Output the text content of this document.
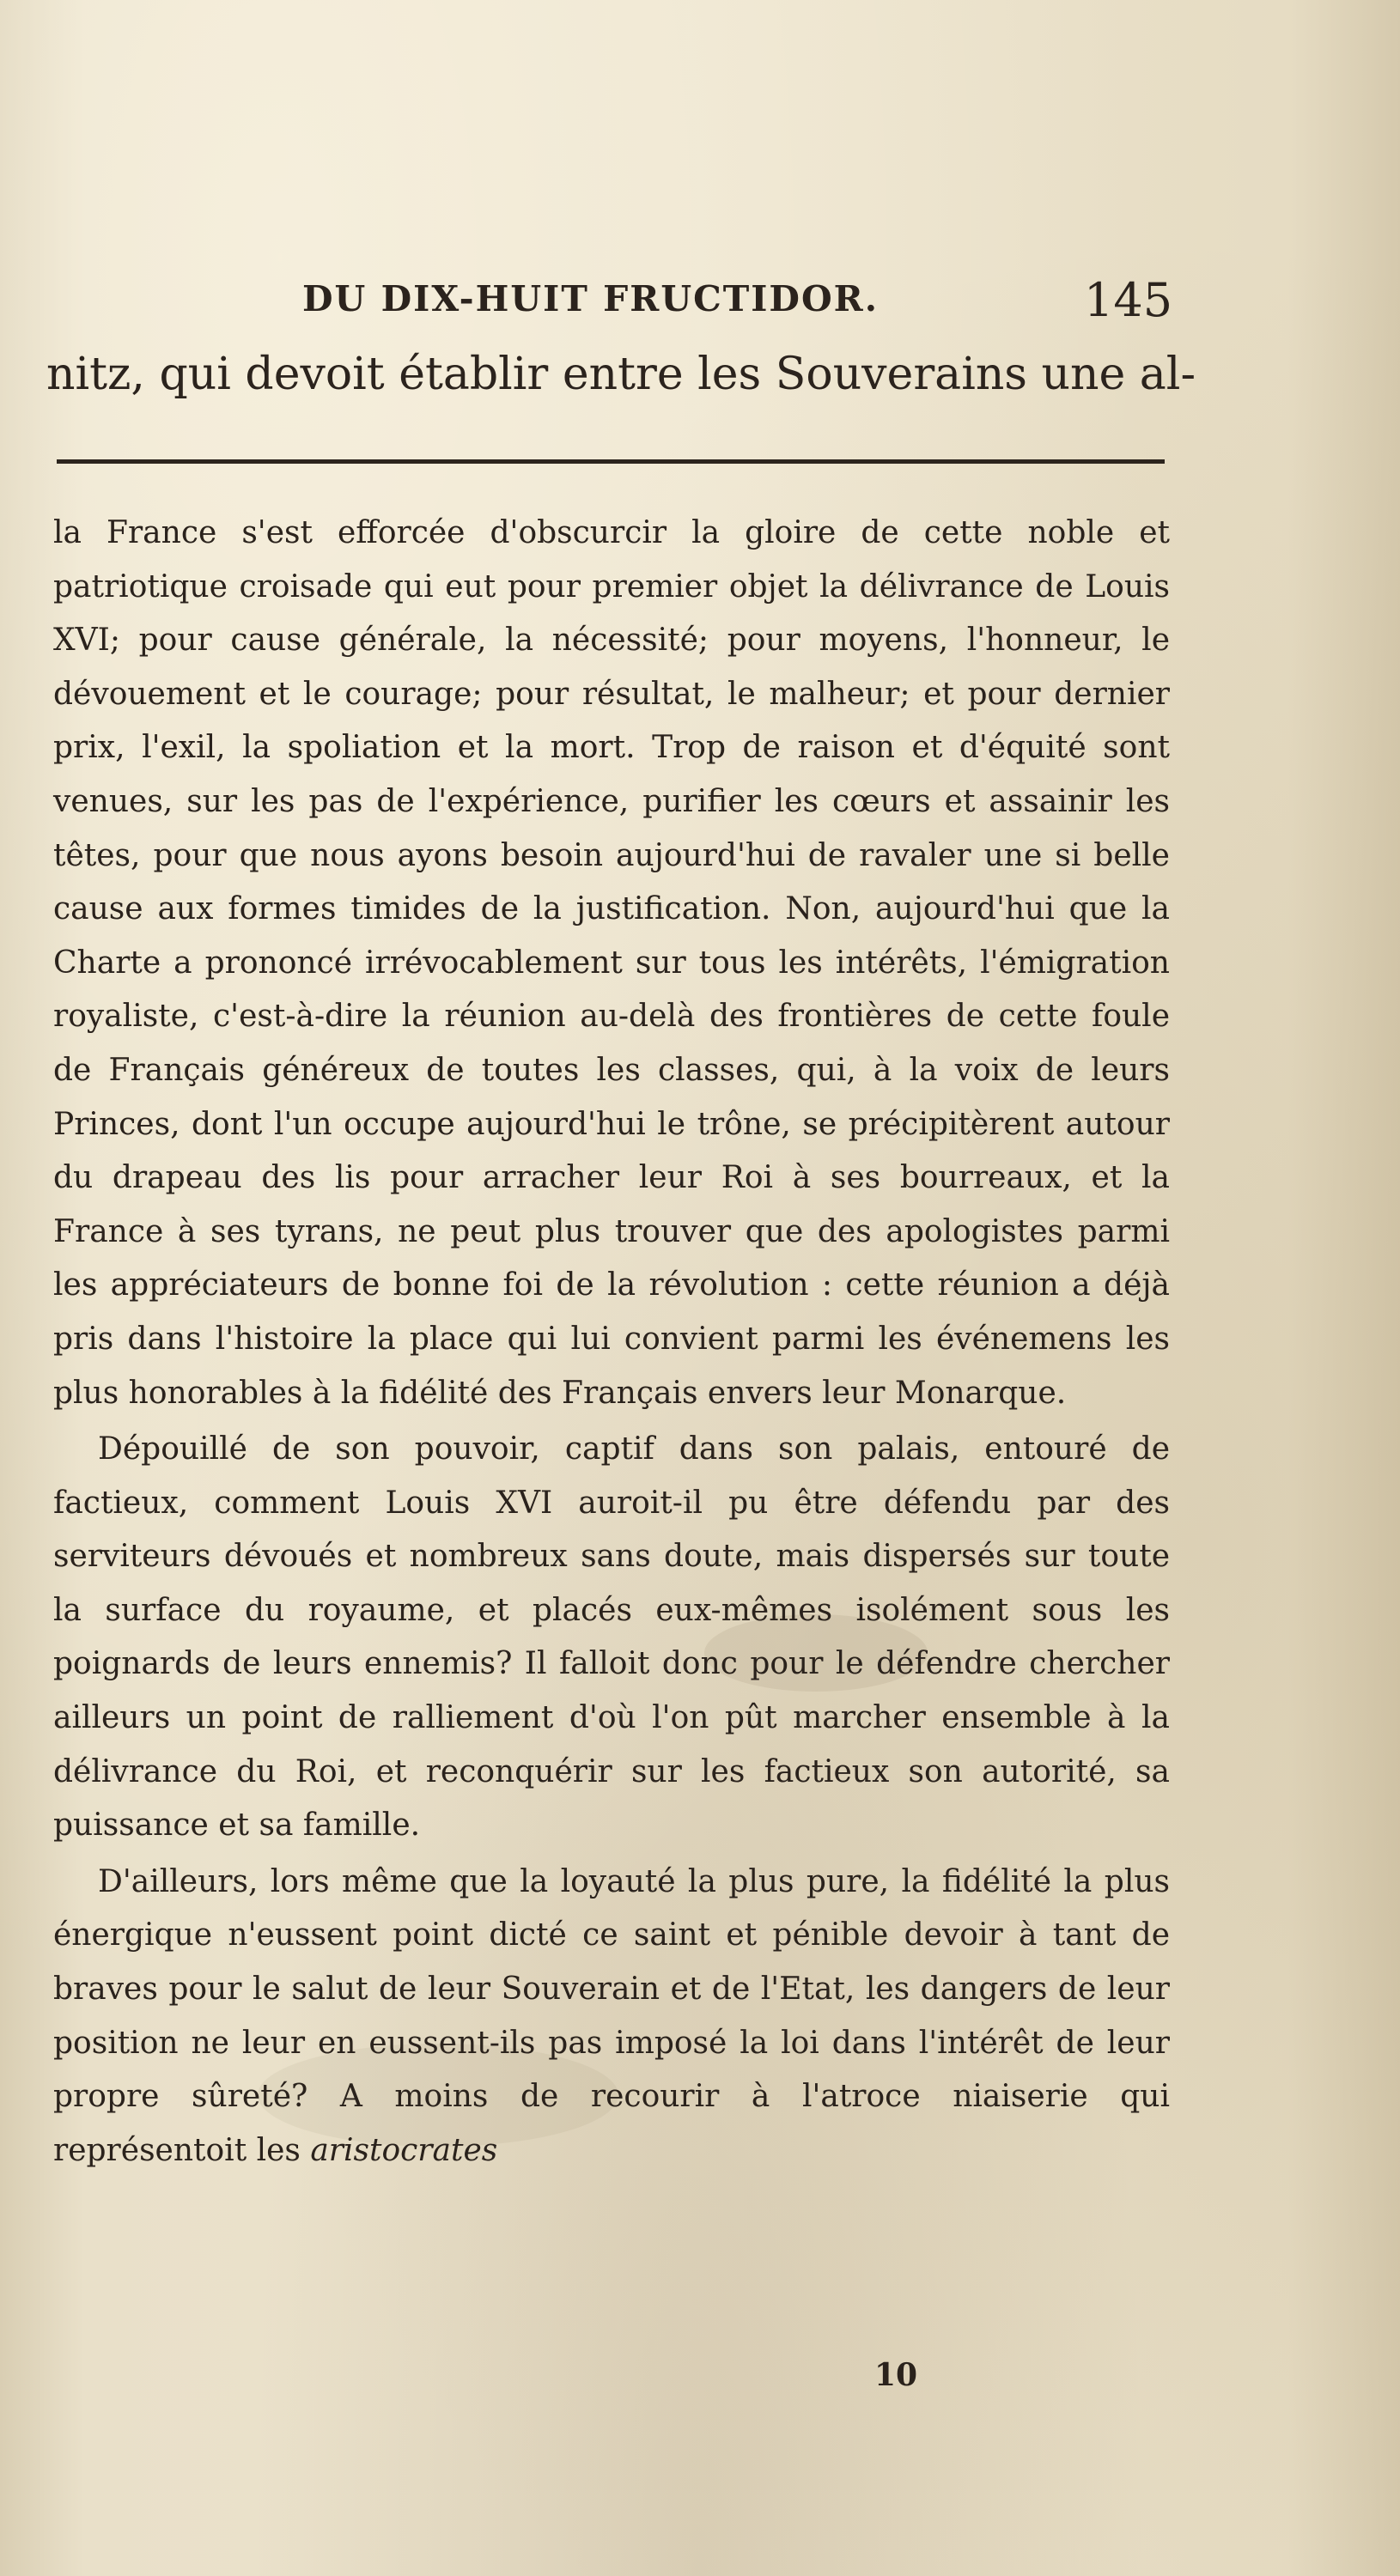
DU DIX-HUIT FRUCTIDOR.	145
nitz, qui devoit établir entre les Souverains une al-

la France s'est efforcée d'obscurcir la gloire de cette noble et patriotique croisade qui eut pour premier objet la délivrance de Louis XVI; pour cause générale, la nécessité; pour moyens, l'honneur, le dévouement et le courage; pour résultat, le malheur; et pour dernier prix, l'exil, la spoliation et la mort. Trop de raison et d'équité sont venues, sur les pas de l'expérience, purifier les cœurs et assainir les têtes, pour que nous ayons besoin aujourd'hui de ravaler une si belle cause aux formes timides de la justification. Non, aujourd'hui que la Charte a prononcé irrévocablement sur tous les intérêts, l'émigration royaliste, c'est-à-dire la réunion au-delà des frontières de cette foule de Français généreux de toutes les classes, qui, à la voix de leurs Princes, dont l'un occupe aujourd'hui le trône, se précipitèrent autour du drapeau des lis pour arracher leur Roi à ses bourreaux, et la France à ses tyrans, ne peut plus trouver que des apologistes parmi les appréciateurs de bonne foi de la révolution : cette réunion a déjà pris dans l'histoire la place qui lui convient parmi les événemens les plus honorables à la fidélité des Français envers leur Monarque.

Dépouillé de son pouvoir, captif dans son palais, entouré de factieux, comment Louis XVI auroit-il pu être défendu par des serviteurs dévoués et nombreux sans doute, mais dispersés sur toute la surface du royaume, et placés eux-mêmes isolément sous les poignards de leurs ennemis? Il falloit donc pour le défendre chercher ailleurs un point de ralliement d'où l'on pût marcher ensemble à la délivrance du Roi, et reconquérir sur les factieux son autorité, sa puissance et sa famille.

D'ailleurs, lors même que la loyauté la plus pure, la fidélité la plus énergique n'eussent point dicté ce saint et pénible devoir à tant de braves pour le salut de leur Souverain et de l'Etat, les dangers de leur position ne leur en eussent-ils pas imposé la loi dans l'intérêt de leur propre sûreté? A moins de recourir à l'atroce niaiserie qui représentoit les aristocrates

10
